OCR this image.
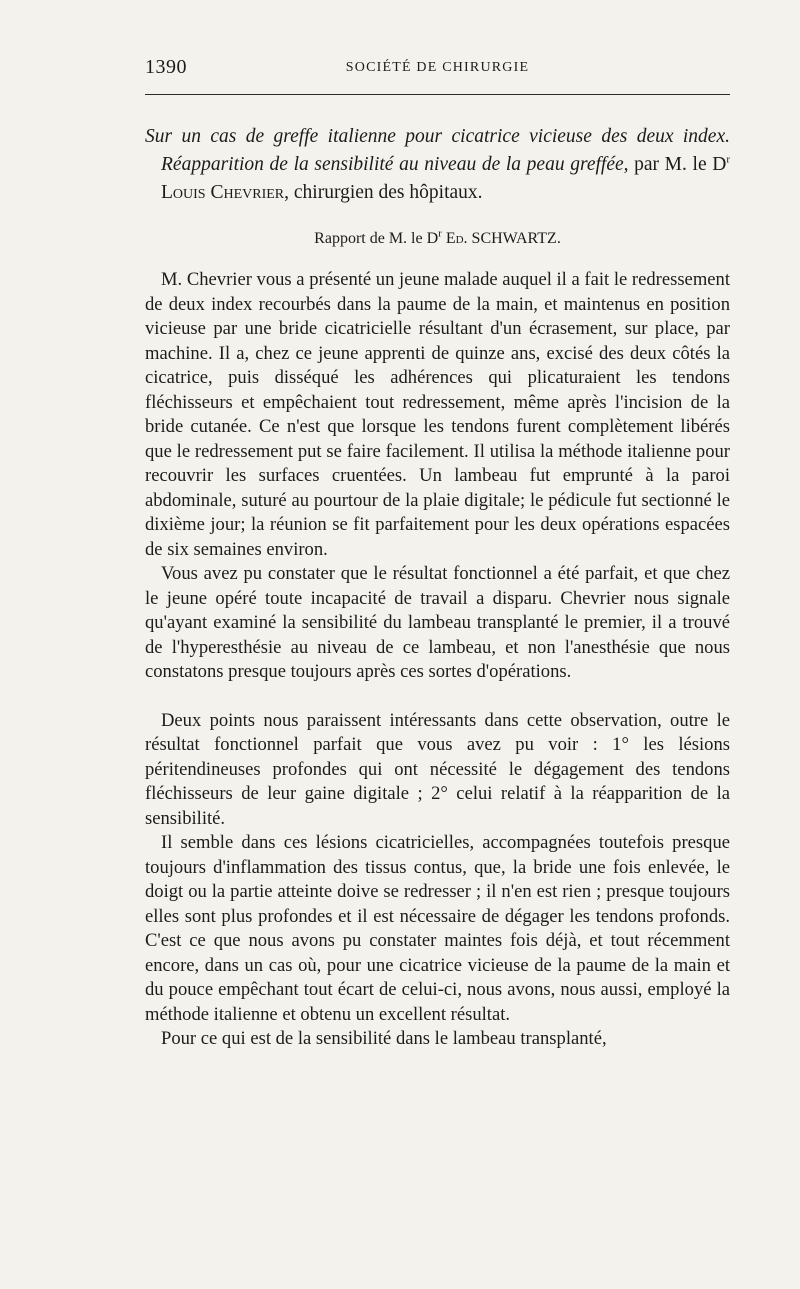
1390	SOCIÉTÉ DE CHIRURGIE
Sur un cas de greffe italienne pour cicatrice vicieuse des deux index. Réapparition de la sensibilité au niveau de la peau greffée, par M. le $D^r$ Louis Chevrier, chirurgien des hôpitaux.
Rapport de M. le $D^r$ Ed. SCHWARTZ.

M. Chevrier vous a présenté un jeune malade auquel il a fait le redressement de deux index recourbés dans la paume de la main, et maintenus en position vicieuse par une bride cicatricielle résultant d'un écrasement, sur place, par machine. Il a, chez ce jeune apprenti de quinze ans, excisé des deux côtés la cicatrice, puis disséqué les adhérences qui plicaturaient les tendons fléchisseurs et empêchaient tout redressement, même après l'incision de la bride cutanée. Ce n'est que lorsque les tendons furent complètement libérés que le redressement put se faire facilement. Il utilisa la méthode italienne pour recouvrir les surfaces cruentées. Un lambeau fut emprunté à la paroi abdominale, suturé au pourtour de la plaie digitale; le pédicule fut sectionné le dixième jour; la réunion se fit parfaitement pour les deux opérations espacées de six semaines environ.

Vous avez pu constater que le résultat fonctionnel a été parfait, et que chez le jeune opéré toute incapacité de travail a disparu. Chevrier nous signale qu'ayant examiné la sensibilité du lambeau transplanté le premier, il a trouvé de l'hyperesthésie au niveau de ce lambeau, et non l'anesthésie que nous constatons presque toujours après ces sortes d'opérations.

Deux points nous paraissent intéressants dans cette observation, outre le résultat fonctionnel parfait que vous avez pu voir : 1° les lésions péritendineuses profondes qui ont nécessité le dégagement des tendons fléchisseurs de leur gaine digitale ; 2° celui relatif à la réapparition de la sensibilité.

Il semble dans ces lésions cicatricielles, accompagnées toutefois presque toujours d'inflammation des tissus contus, que, la bride une fois enlevée, le doigt ou la partie atteinte doive se redresser ; il n'en est rien ; presque toujours elles sont plus profondes et il est nécessaire de dégager les tendons profonds. C'est ce que nous avons pu constater maintes fois déjà, et tout récemment encore, dans un cas où, pour une cicatrice vicieuse de la paume de la main et du pouce empêchant tout écart de celui-ci, nous avons, nous aussi, employé la méthode italienne et obtenu un excellent résultat.

Pour ce qui est de la sensibilité dans le lambeau transplanté,
